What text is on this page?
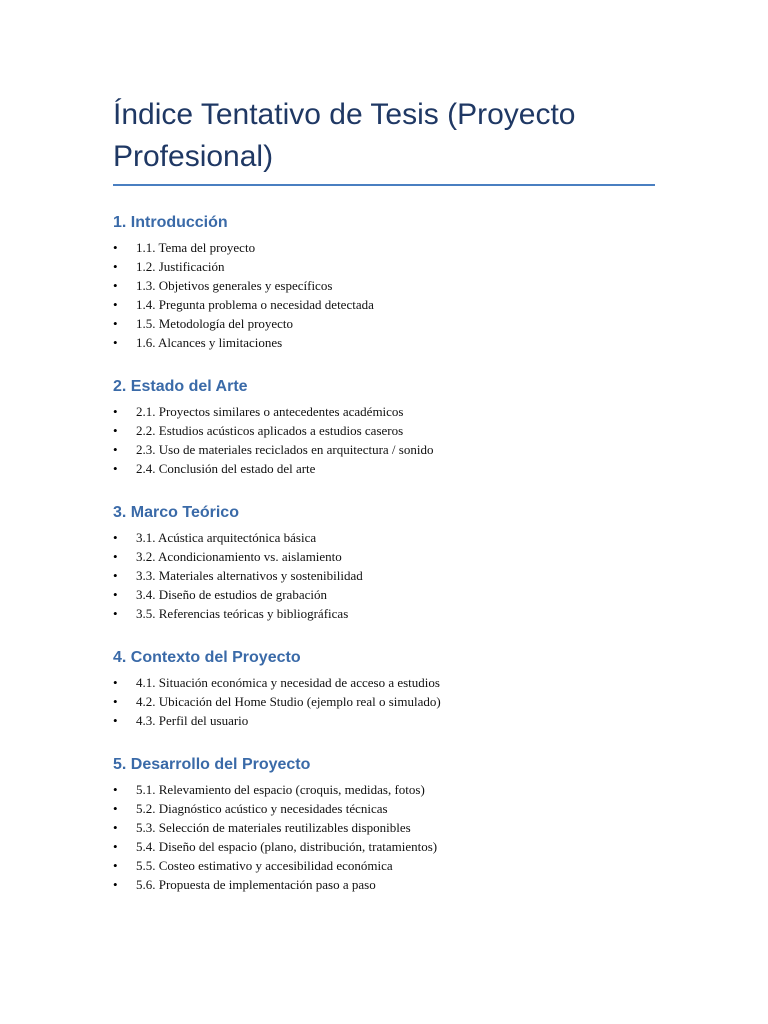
Índice Tentativo de Tesis (Proyecto Profesional)
1. Introducción
• 1.1. Tema del proyecto
• 1.2. Justificación
• 1.3. Objetivos generales y específicos
• 1.4. Pregunta problema o necesidad detectada
• 1.5. Metodología del proyecto
• 1.6. Alcances y limitaciones
2. Estado del Arte
• 2.1. Proyectos similares o antecedentes académicos
• 2.2. Estudios acústicos aplicados a estudios caseros
• 2.3. Uso de materiales reciclados en arquitectura / sonido
• 2.4. Conclusión del estado del arte
3. Marco Teórico
• 3.1. Acústica arquitectónica básica
• 3.2. Acondicionamiento vs. aislamiento
• 3.3. Materiales alternativos y sostenibilidad
• 3.4. Diseño de estudios de grabación
• 3.5. Referencias teóricas y bibliográficas
4. Contexto del Proyecto
• 4.1. Situación económica y necesidad de acceso a estudios
• 4.2. Ubicación del Home Studio (ejemplo real o simulado)
• 4.3. Perfil del usuario
5. Desarrollo del Proyecto
• 5.1. Relevamiento del espacio (croquis, medidas, fotos)
• 5.2. Diagnóstico acústico y necesidades técnicas
• 5.3. Selección de materiales reutilizables disponibles
• 5.4. Diseño del espacio (plano, distribución, tratamientos)
• 5.5. Costeo estimativo y accesibilidad económica
• 5.6. Propuesta de implementación paso a paso
